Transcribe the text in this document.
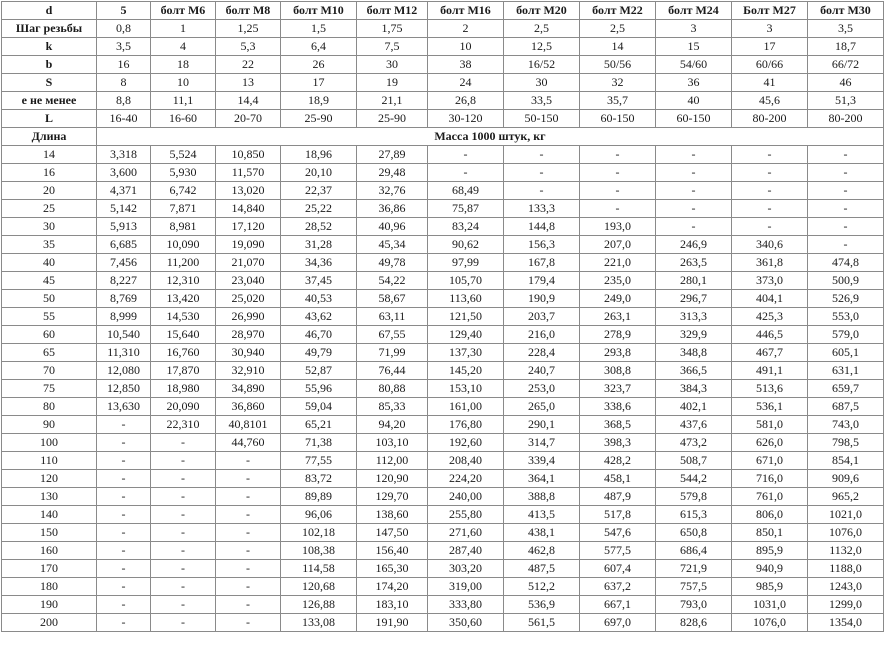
d	5	болт М6	болт М8	болт М10	болт М12	болт М16	болт М20	болт М22	болт М24	Болт М27	болт М30
Шаг резьбы	0,8	1	1,25	1,5	1,75	2	2,5	2,5	3	3	3,5
k	3,5	4	5,3	6,4	7,5	10	12,5	14	15	17	18,7
b	16	18	22	26	30	38	16/52	50/56	54/60	60/66	66/72
S	8	10	13	17	19	24	30	32	36	41	46
е не менее	8,8	11,1	14,4	18,9	21,1	26,8	33,5	35,7	40	45,6	51,3
L	16-40	16-60	20-70	25-90	25-90	30-120	50-150	60-150	60-150	80-200	80-200
Длина	Масса 1000 штук, кг										
14	3,318	5,524	10,850	18,96	27,89	-	-	-	-	-	-
16	3,600	5,930	11,570	20,10	29,48	-	-	-	-	-	-
20	4,371	6,742	13,020	22,37	32,76	68,49	-	-	-	-	-
25	5,142	7,871	14,840	25,22	36,86	75,87	133,3	-	-	-	-
30	5,913	8,981	17,120	28,52	40,96	83,24	144,8	193,0	-	-	-
35	6,685	10,090	19,090	31,28	45,34	90,62	156,3	207,0	246,9	340,6	-
40	7,456	11,200	21,070	34,36	49,78	97,99	167,8	221,0	263,5	361,8	474,8
45	8,227	12,310	23,040	37,45	54,22	105,70	179,4	235,0	280,1	373,0	500,9
50	8,769	13,420	25,020	40,53	58,67	113,60	190,9	249,0	296,7	404,1	526,9
55	8,999	14,530	26,990	43,62	63,11	121,50	203,7	263,1	313,3	425,3	553,0
60	10,540	15,640	28,970	46,70	67,55	129,40	216,0	278,9	329,9	446,5	579,0
65	11,310	16,760	30,940	49,79	71,99	137,30	228,4	293,8	348,8	467,7	605,1
70	12,080	17,870	32,910	52,87	76,44	145,20	240,7	308,8	366,5	491,1	631,1
75	12,850	18,980	34,890	55,96	80,88	153,10	253,0	323,7	384,3	513,6	659,7
80	13,630	20,090	36,860	59,04	85,33	161,00	265,0	338,6	402,1	536,1	687,5
90	-	22,310	40,8101	65,21	94,20	176,80	290,1	368,5	437,6	581,0	743,0
100	-	-	44,760	71,38	103,10	192,60	314,7	398,3	473,2	626,0	798,5
110	-	-	-	77,55	112,00	208,40	339,4	428,2	508,7	671,0	854,1
120	-	-	-	83,72	120,90	224,20	364,1	458,1	544,2	716,0	909,6
130	-	-	-	89,89	129,70	240,00	388,8	487,9	579,8	761,0	965,2
140	-	-	-	96,06	138,60	255,80	413,5	517,8	615,3	806,0	1021,0
150	-	-	-	102,18	147,50	271,60	438,1	547,6	650,8	850,1	1076,0
160	-	-	-	108,38	156,40	287,40	462,8	577,5	686,4	895,9	1132,0
170	-	-	-	114,58	165,30	303,20	487,5	607,4	721,9	940,9	1188,0
180	-	-	-	120,68	174,20	319,00	512,2	637,2	757,5	985,9	1243,0
190	-	-	-	126,88	183,10	333,80	536,9	667,1	793,0	1031,0	1299,0
200	-	-	-	133,08	191,90	350,60	561,5	697,0	828,6	1076,0	1354,0
